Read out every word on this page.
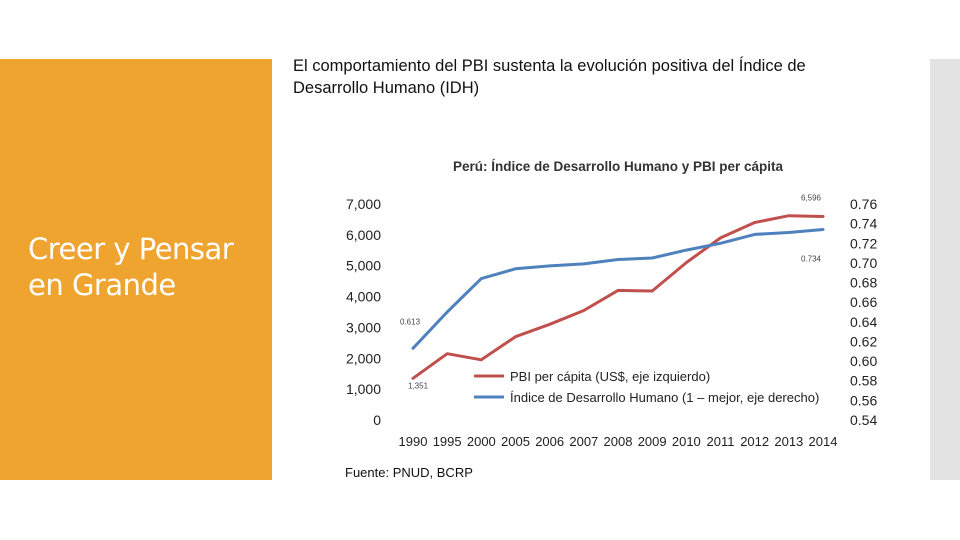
Creer y Pensar en Grande
El comportamiento del PBI sustenta la evolución positiva del Índice de Desarrollo Humano (IDH)
Perú: Índice de Desarrollo Humano y PBI per cápita
0
1,000
2,000
3,000
4,000
5,000
6,000
7,000
0.54
0.56
0.58
0.60
0.62
0.64
0.66
0.68
0.70
0.72
0.74
0.76
1990 1995 2000 2005 2006 2007 2008 2009 2010 2011 2012 2013 2014
6,596
0.734
0.613
1,351
PBI per cápita (US$, eje izquierdo)
Índice de Desarrollo Humano (1 – mejor, eje derecho)

Fuente: PNUD, BCRP
